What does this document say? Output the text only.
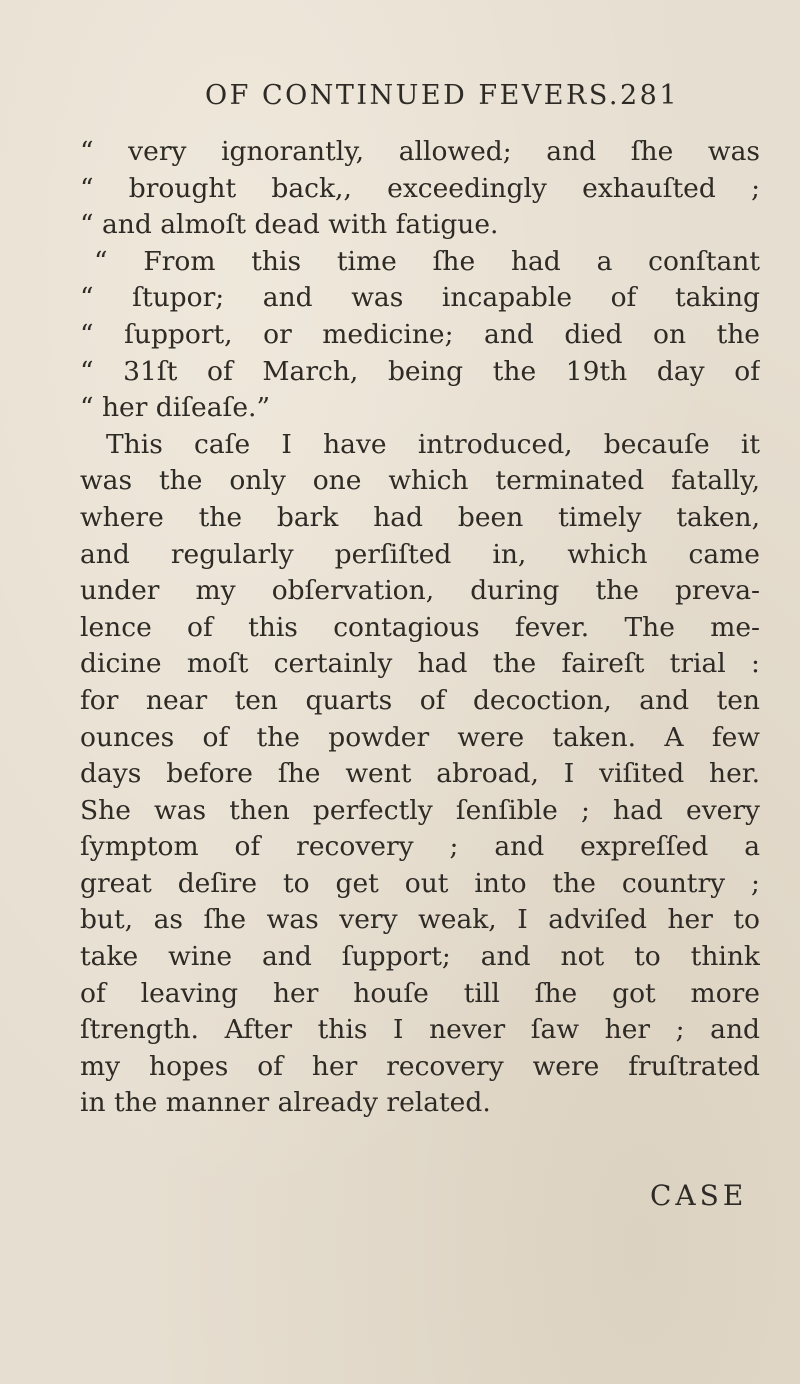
OF CONTINUED FEVERS. 281
“ very ignorantly, allowed; and ſhe was
“ brought back,, exceedingly exhauſted ;
“ and almoſt dead with fatigue.
“ From this time ſhe had a conſtant
“ ſtupor; and was incapable of taking
“ ſupport, or medicine; and died on the
“ 31ſt of March, being the 19th day of
“ her diſeaſe.”
This caſe I have introduced, becauſe it
was the only one which terminated fatally,
where the bark had been timely taken,
and regularly perſiſted in, which came
under my obſervation, during the preva-
lence of this contagious fever. The me-
dicine moſt certainly had the faireſt trial :
for near ten quarts of decoction, and ten
ounces of the powder were taken. A few
days before ſhe went abroad, I viſited her.
She was then perfectly ſenſible ; had every
ſymptom of recovery ; and expreſſed a
great deſire to get out into the country ;
but, as ſhe was very weak, I adviſed her to
take wine and ſupport; and not to think
of leaving her houſe till ſhe got more
ſtrength. After this I never ſaw her ; and
my hopes of her recovery were fruſtrated
in the manner already related.
CASE
